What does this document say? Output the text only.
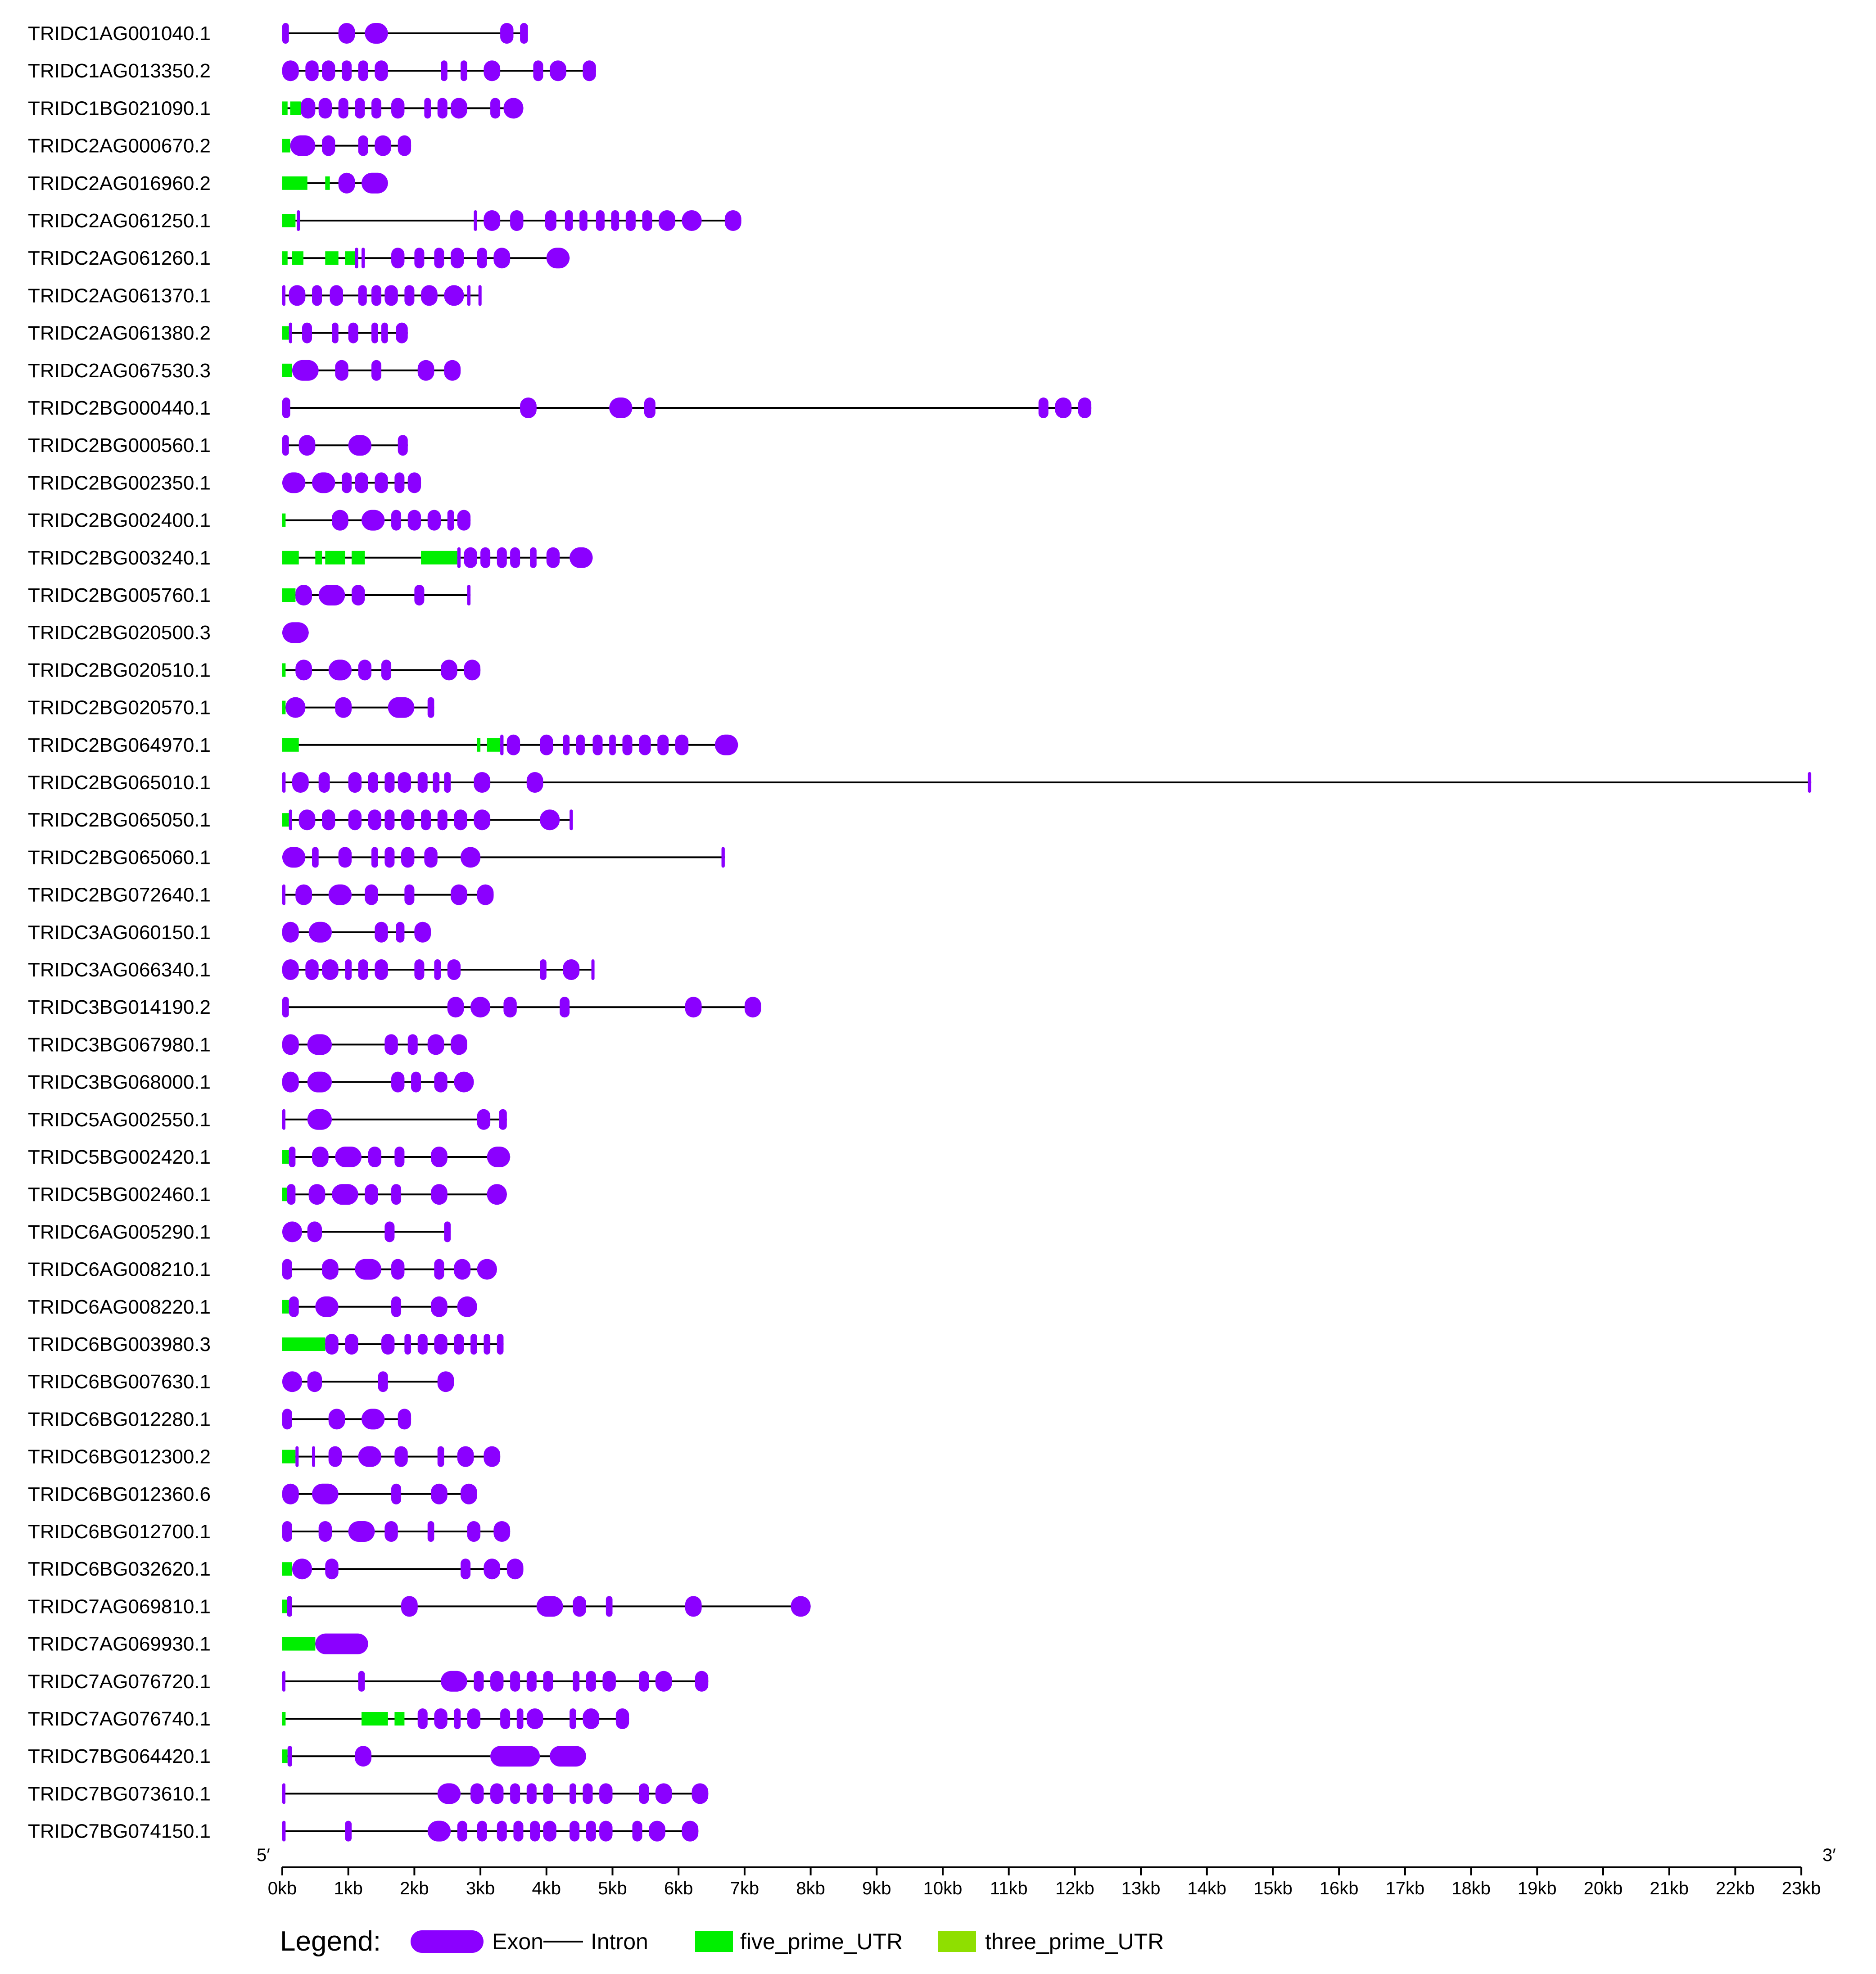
TRIDC1AG001040.1
TRIDC1AG013350.2
TRIDC1BG021090.1
TRIDC2AG000670.2
TRIDC2AG016960.2
TRIDC2AG061250.1
TRIDC2AG061260.1
TRIDC2AG061370.1
TRIDC2AG061380.2
TRIDC2AG067530.3
TRIDC2BG000440.1
TRIDC2BG000560.1
TRIDC2BG002350.1
TRIDC2BG002400.1
TRIDC2BG003240.1
TRIDC2BG005760.1
TRIDC2BG020500.3
TRIDC2BG020510.1
TRIDC2BG020570.1
TRIDC2BG064970.1
TRIDC2BG065010.1
TRIDC2BG065050.1
TRIDC2BG065060.1
TRIDC2BG072640.1
TRIDC3AG060150.1
TRIDC3AG066340.1
TRIDC3BG014190.2
TRIDC3BG067980.1
TRIDC3BG068000.1
TRIDC5AG002550.1
TRIDC5BG002420.1
TRIDC5BG002460.1
TRIDC6AG005290.1
TRIDC6AG008210.1
TRIDC6AG008220.1
TRIDC6BG003980.3
TRIDC6BG007630.1
TRIDC6BG012280.1
TRIDC6BG012300.2
TRIDC6BG012360.6
TRIDC6BG012700.1
TRIDC6BG032620.1
TRIDC7AG069810.1
TRIDC7AG069930.1
TRIDC7AG076720.1
TRIDC7AG076740.1
TRIDC7BG064420.1
TRIDC7BG073610.1
TRIDC7BG074150.1
0kb 1kb 2kb 3kb 4kb 5kb 6kb 7kb 8kb 9kb 10kb 11kb 12kb 13kb 14kb 15kb 16kb 17kb 18kb 19kb 20kb 21kb 22kb 23kb
5′	3′
Legend:	Exon Intron	five_prime_UTR	three_prime_UTR
